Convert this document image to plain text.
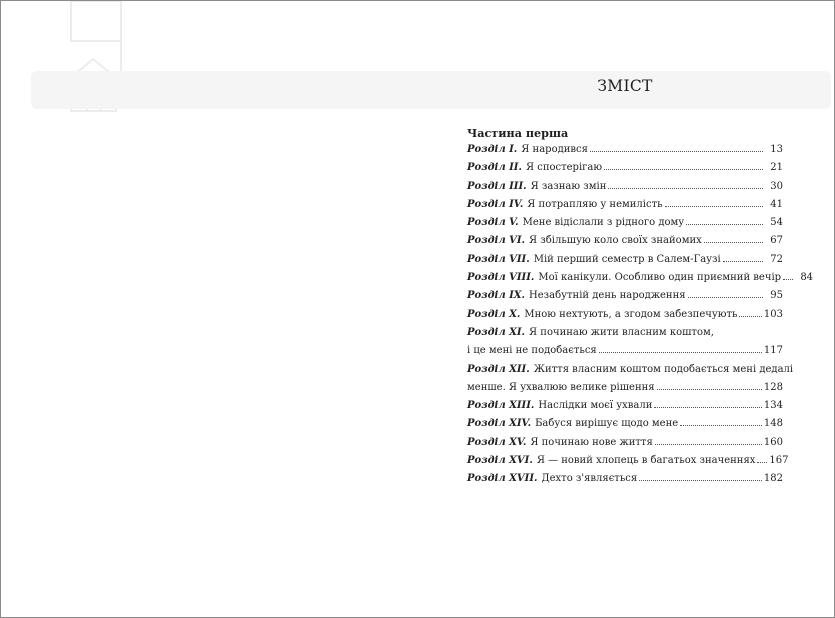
ЗМІСТ
Частина перша
Розділ I. Я народився	13
Розділ II. Я спостерігаю	21
Розділ III. Я зазнаю змін	30
Розділ IV. Я потрапляю у немилість	41
Розділ V. Мене відіслали з рідного дому	54
Розділ VI. Я збільшую коло своїх знайомих	67
Розділ VII. Мій перший семестр в Салем-Гаузі	72
Розділ VIII. Мої канікули. Особливо один приємний вечір	84
Розділ IX. Незабутній день народження	95
Розділ X. Мною нехтують, а згодом забезпечують	103
Розділ XI. Я починаю жити власним коштом,
і це мені не подобається	117
Розділ XII. Життя власним коштом подобається мені дедалі
менше. Я ухвалюю велике рішення	128
Розділ XIII. Наслідки моєї ухвали	134
Розділ XIV. Бабуся вирішує щодо мене	148
Розділ XV. Я починаю нове життя	160
Розділ XVI. Я — новий хлопець в багатьох значеннях 167
Розділ XVII. Дехто з'являється	182
